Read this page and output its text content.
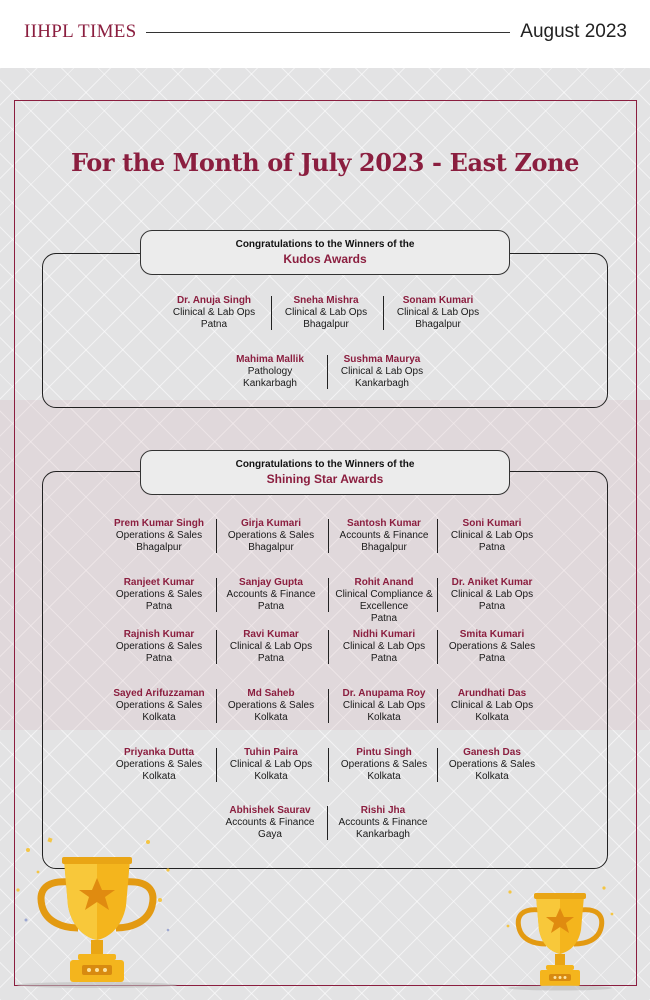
IIHPL TIMES	August 2023
For the Month of July 2023 - East Zone
Congratulations to the Winners of the
Kudos Awards
Congratulations to the Winners of the
Shining Star Awards
Dr. Anuja Singh
Clinical & Lab Ops
Patna
Sneha Mishra
Clinical & Lab Ops
Bhagalpur
Sonam Kumari
Clinical & Lab Ops
Bhagalpur
Mahima Mallik
Pathology
Kankarbagh
Sushma Maurya
Clinical & Lab Ops
Kankarbagh
Prem Kumar Singh
Operations & Sales
Bhagalpur
Girja Kumari
Operations & Sales
Bhagalpur
Santosh Kumar
Accounts & Finance
Bhagalpur
Soni Kumari
Clinical & Lab Ops
Patna
Ranjeet Kumar
Operations & Sales
Patna
Sanjay Gupta
Accounts & Finance
Patna
Rohit Anand
Clinical Compliance & Excellence
Patna
Dr. Aniket Kumar
Clinical & Lab Ops
Patna
Rajnish Kumar
Operations & Sales
Patna
Ravi Kumar
Clinical & Lab Ops
Patna
Nidhi Kumari
Clinical & Lab Ops
Patna
Smita Kumari
Operations & Sales
Patna
Sayed Arifuzzaman
Operations & Sales
Kolkata
Md Saheb
Operations & Sales
Kolkata
Dr. Anupama Roy
Clinical & Lab Ops
Kolkata
Arundhati Das
Clinical & Lab Ops
Kolkata
Priyanka Dutta
Operations & Sales
Kolkata
Tuhin Paira
Clinical & Lab Ops
Kolkata
Pintu Singh
Operations & Sales
Kolkata
Ganesh Das
Operations & Sales
Kolkata
Abhishek Saurav
Accounts & Finance
Gaya
Rishi Jha
Accounts & Finance
Kankarbagh
